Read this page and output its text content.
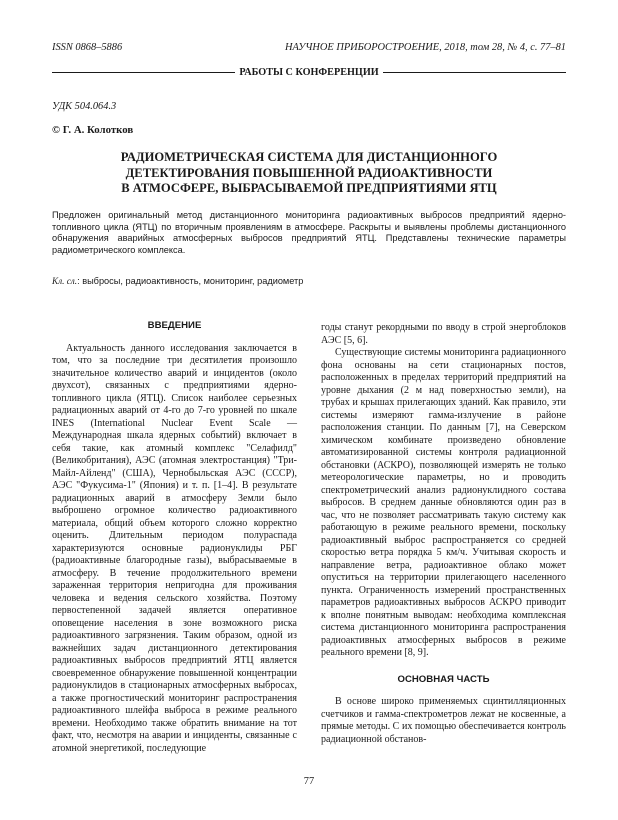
ISSN 0868–5886	НАУЧНОЕ ПРИБОРОСТРОЕНИЕ, 2018, том 28, № 4, с. 77–81
РАБОТЫ С КОНФЕРЕНЦИИ
УДК 504.064.3
© Г. А. Колотков
РАДИОМЕТРИЧЕСКАЯ СИСТЕМА ДЛЯ ДИСТАНЦИОННОГО
ДЕТЕКТИРОВАНИЯ ПОВЫШЕННОЙ РАДИОАКТИВНОСТИ
В АТМОСФЕРЕ, ВЫБРАСЫВАЕМОЙ ПРЕДПРИЯТИЯМИ ЯТЦ
Предложен оригинальный метод дистанционного мониторинга радиоактивных выбросов предприятий ядерно-топливного цикла (ЯТЦ) по вторичным проявлениям в атмосфере. Раскрыты и выявлены проблемы дистанционного обнаружения аварийных атмосферных выбросов предприятий ЯТЦ. Представлены технические параметры радиометрического комплекса.
Кл. сл.: выбросы, радиоактивность, мониторинг, радиометр

ВВЕДЕНИЕ

Актуальность данного исследования заключается в том, что за последние три десятилетия произошло значительное количество аварий и инцидентов (около двухсот), связанных с предприятиями ядерно-топливного цикла (ЯТЦ). Список наиболее серьезных радиационных аварий от 4-го до 7-го уровней по шкале INES (International Nuclear Event Scale — Международная шкала ядерных событий) включает в себя такие, как атомный комплекс "Селафилд" (Великобритания), АЭС (атомная электростанция) "Три-Майл-Айленд" (США), Чернобыльская АЭС (СССР), АЭС "Фукусима-1" (Япония) и т. п. [1–4]. В результате радиационных аварий в атмосферу Земли было выброшено огромное количество радиоактивного материала, общий объем которого сложно корректно оценить. Длительным периодом полураспада характеризуются основные радионуклиды РБГ (радиоактивные благородные газы), выбрасываемые в атмосферу. В течение продолжительного времени зараженная территория непригодна для проживания человека и ведения сельского хозяйства. Поэтому первостепенной задачей является оперативное оповещение населения в зоне возможного риска радиоактивного загрязнения. Таким образом, одной из важнейших задач дистанционного детектирования радиоактивных выбросов предприятий ЯТЦ является своевременное обнаружение повышенной концентрации радионуклидов в стационарных атмосферных выбросах, а также прогностический мониторинг распространения радиоактивного шлейфа выброса в режиме реального времени. Необходимо также обратить внимание на тот факт, что, несмотря на аварии и инциденты, связанные с атомной энергетикой, последующие

годы станут рекордными по вводу в строй энергоблоков АЭС [5, 6].

Существующие системы мониторинга радиационного фона основаны на сети стационарных постов, расположенных в пределах территорий предприятий на уровне дыхания (2 м над поверхностью земли), на трубах и крышах прилегающих зданий. Как правило, эти системы измеряют гамма-излучение в районе расположения станции. По данным [7], на Северском химическом комбинате произведено обновление автоматизированной системы контроля радиационной обстановки (АСКРО), позволяющей измерять не только метеорологические параметры, но и проводить спектрометрический анализ радионуклидного состава выбросов. В среднем данные обновляются один раз в час, что не позволяет рассматривать такую систему как работающую в режиме реального времени, поскольку радиоактивный выброс распространяется со средней скоростью ветра порядка 5 км/ч. Учитывая скорость и направление ветра, радиоактивное облако может опуститься на территории прилегающего населенного пункта. Ограниченность измерений пространственных параметров радиоактивных выбросов АСКРО приводит к вполне понятным выводам: необходима комплексная система дистанционного мониторинга распространения радиоактивных атмосферных выбросов в режиме реального времени [8, 9].

ОСНОВНАЯ ЧАСТЬ

В основе широко применяемых сцинтилляционных счетчиков и гамма-спектрометров лежат не косвенные, а прямые методы. С их помощью обеспечивается контроль радиационной обстанов-

77
